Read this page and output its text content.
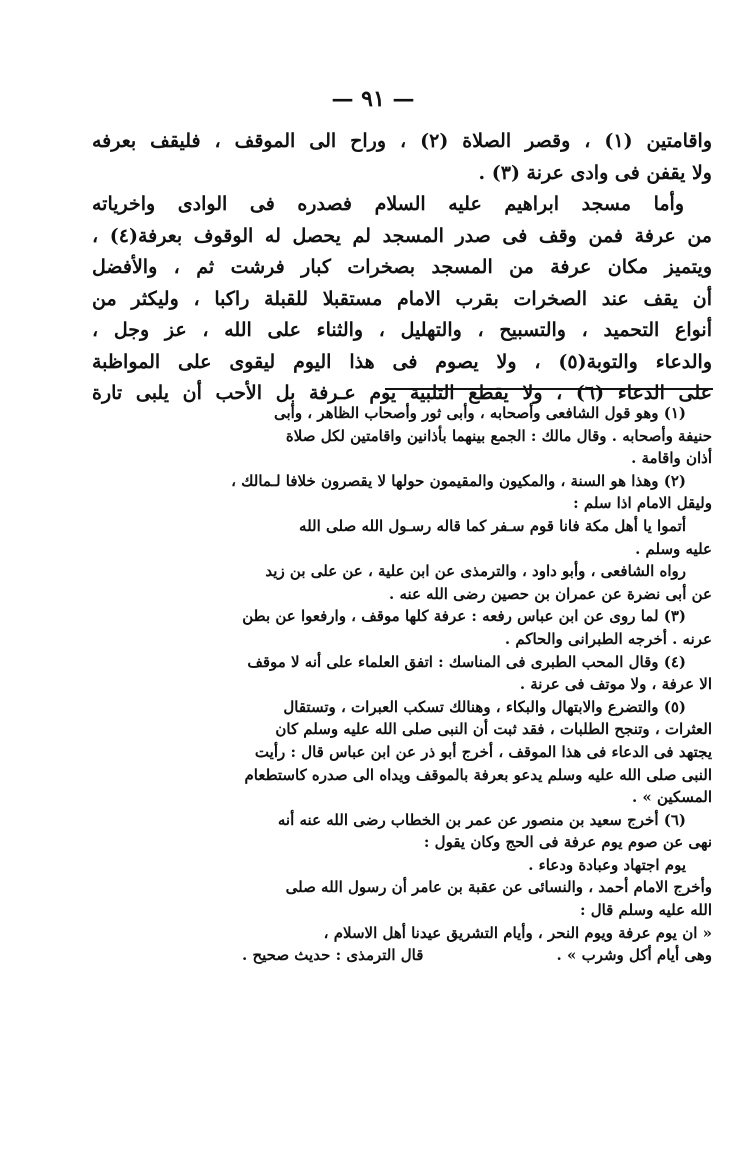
— ٩١ —
واقامتين (١) ، وقصر الصلاة (٢) ، وراح الى الموقف ، فليقف بعرفه
ولا يقفن فى وادى عرنة (٣) .
وأما مسجد ابراهيم عليه السلام فصدره فى الوادى واخرياته
من عرفة فمن وقف فى صدر المسجد لم يحصل له الوقوف بعرفة(٤) ،
ويتميز مكان عرفة من المسجد بصخرات كبار فرشت ثم ، والأفضل
أن يقف عند الصخرات بقرب الامام مستقبلا للقبلة راكبا ، وليكثر من
أنواع التحميد ، والتسبيح ، والتهليل ، والثناء على الله ، عز وجل ،
والدعاء والتوبة(٥) ، ولا يصوم فى هذا اليوم ليقوى على المواظبة
على الدعاء (٦) ، ولا يقطع التلبية يوم عـرفة بل الأحب أن يلبى تارة
(١) وهو قول الشافعى وأصحابه ، وأبى ثور وأصحاب الظاهر ، وأبى
حنيفة وأصحابه . وقال مالك : الجمع بينهما بأذانين واقامتين لكل صلاة
أذان واقامة .
(٢) وهذا هو السنة ، والمكيون والمقيمون حولها لا يقصرون خلافا لـمالك ،
وليقل الامام اذا سلم :
أتموا يا أهل مكة فانا قوم سـفر كما قاله رسـول الله صلى الله
عليه وسلم .
رواه الشافعى ، وأبو داود ، والترمذى عن ابن علية ، عن على بن زيد
عن أبى نضرة عن عمران بن حصين رضى الله عنه .
(٣) لما روى عن ابن عباس رفعه : عرفة كلها موقف ، وارفعوا عن بطن
عرنه . أخرجه الطبرانى والحاكم .
(٤) وقال المحب الطبرى فى المناسك : اتفق العلماء على أنه لا موقف
الا عرفة ، ولا موتف فى عرنة .
(٥) والتضرع والابتهال والبكاء ، وهنالك تسكب العبرات ، وتستقال
العثرات ، وتنجح الطلبات ، فقد ثبت أن النبى صلى الله عليه وسلم كان
يجتهد فى الدعاء فى هذا الموقف ، أخرج أبو ذر عن ابن عباس قال : رأيت
النبى صلى الله عليه وسلم يدعو بعرفة بالموقف ويداه الى صدره كاستطعام
المسكين » .
(٦) أخرج سعيد بن منصور عن عمر بن الخطاب رضى الله عنه أنه
نهى عن صوم يوم عرفة فى الحج وكان يقول :
يوم اجتهاد وعبادة ودعاء .
وأخرج الامام أحمد ، والنسائى عن عقبة بن عامر أن رسول الله صلى
الله عليه وسلم قال :
« ان يوم عرفة ويوم النحر ، وأيام التشريق عيدنا أهل الاسلام ،
وهى أيام أكل وشرب » .
قال الترمذى : حديث صحيح .
